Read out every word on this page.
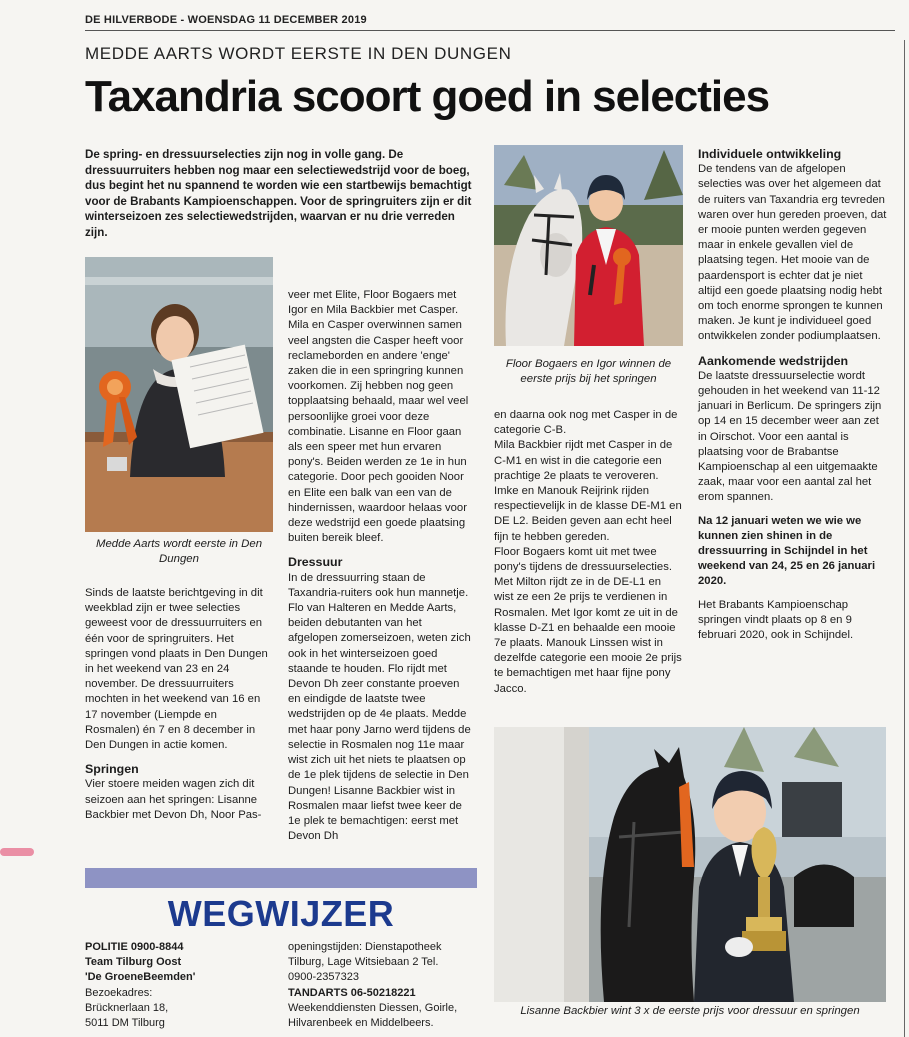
DE HILVERBODE - WOENSDAG 11 DECEMBER 2019
MEDDE AARTS WORDT EERSTE IN DEN DUNGEN
Taxandria scoort goed in selecties
De spring- en dressuurselecties zijn nog in volle gang. De dressuurruiters hebben nog maar een selectiewedstrijd voor de boeg, dus begint het nu spannend te worden wie een startbewijs bemachtigt voor de Brabants Kampioenschappen. Voor de springruiters zijn er dit winterseizoen zes selectiewedstrijden, waarvan er nu drie verreden zijn.
Medde Aarts wordt eerste in Den Dungen

Sinds de laatste berichtgeving in dit weekblad zijn er twee selecties geweest voor de dressuurruiters en één voor de springruiters. Het springen vond plaats in Den Dungen in het weekend van 23 en 24 november. De dressuurruiters mochten in het weekend van 16 en 17 november (Liempde en Rosmalen) én 7 en 8 december in Den Dungen in actie komen.

Springen

Vier stoere meiden wagen zich dit seizoen aan het springen: Lisanne Backbier met Devon Dh, Noor Pas-

veer met Elite, Floor Bogaers met Igor en Mila Backbier met Casper. Mila en Casper overwinnen samen veel angsten die Casper heeft voor reclameborden en andere 'enge' zaken die in een springring kunnen voorkomen. Zij hebben nog geen topplaatsing behaald, maar wel veel persoonlijke groei voor deze combinatie. Lisanne en Floor gaan als een speer met hun ervaren pony's. Beiden werden ze 1e in hun categorie. Door pech gooiden Noor en Elite een balk van een van de hindernissen, waardoor helaas voor deze wedstrijd een goede plaatsing buiten bereik bleef.

Dressuur

In de dressuurring staan de Taxandria-ruiters ook hun mannetje. Flo van Halteren en Medde Aarts, beiden debutanten van het afgelopen zomerseizoen, weten zich ook in het winterseizoen goed staande te houden. Flo rijdt met Devon Dh zeer constante proeven en eindigde de laatste twee wedstrijden op de 4e plaats. Medde met haar pony Jarno werd tijdens de selectie in Rosmalen nog 11e maar wist zich uit het niets te plaatsen op de 1e plek tijdens de selectie in Den Dungen! Lisanne Backbier wist in Rosmalen maar liefst twee keer de 1e plek te bemachtigen: eerst met Devon Dh

Floor Bogaers en Igor winnen de eerste prijs bij het springen

en daarna ook nog met Casper in de categorie C-B.

Mila Backbier rijdt met Casper in de C-M1 en wist in die categorie een prachtige 2e plaats te veroveren. Imke en Manouk Reijrink rijden respectievelijk in de klasse DE-M1 en DE L2. Beiden geven aan echt heel fijn te hebben gereden.

Floor Bogaers komt uit met twee pony's tijdens de dressuurselecties. Met Milton rijdt ze in de DE-L1 en wist ze een 2e prijs te verdienen in Rosmalen. Met Igor komt ze uit in de klasse D-Z1 en behaalde een mooie 7e plaats. Manouk Linssen wist in dezelfde categorie een mooie 2e prijs te bemachtigen met haar fijne pony Jacco.

Individuele ontwikkeling

De tendens van de afgelopen selecties was over het algemeen dat de ruiters van Taxandria erg tevreden waren over hun gereden proeven, dat er mooie punten werden gegeven maar in enkele gevallen viel de plaatsing tegen. Het mooie van de paardensport is echter dat je niet altijd een goede plaatsing nodig hebt om toch enorme sprongen te kunnen maken. Je kunt je individueel goed ontwikkelen zonder podiumplaatsen.

Aankomende wedstrijden

De laatste dressuurselectie wordt gehouden in het weekend van 11-12 januari in Berlicum. De springers zijn op 14 en 15 december weer aan zet in Oirschot. Voor een aantal is plaatsing voor de Brabantse Kampioenschap al een uitgemaakte zaak, maar voor een aantal zal het erom spannen.

Na 12 januari weten we wie we kunnen zien shinen in de dressuurring in Schijndel in het weekend van 24, 25 en 26 januari 2020.

Het Brabants Kampioenschap springen vindt plaats op 8 en 9 februari 2020, ook in Schijndel.

Lisanne Backbier wint 3 x de eerste prijs voor dressuur en springen
WEGWIJZER
POLITIE 0900-8844
Team Tilburg Oost
'De GroeneBeemden'
Bezoekadres:
Brücknerlaan 18,
5011 DM Tilburg
openingstijden: Dienstapotheek Tilburg, Lage Witsiebaan 2 Tel.
0900-2357323
TANDARTS 06-50218221
Weekenddiensten Diessen, Goirle, Hilvarenbeek en Middelbeers.
